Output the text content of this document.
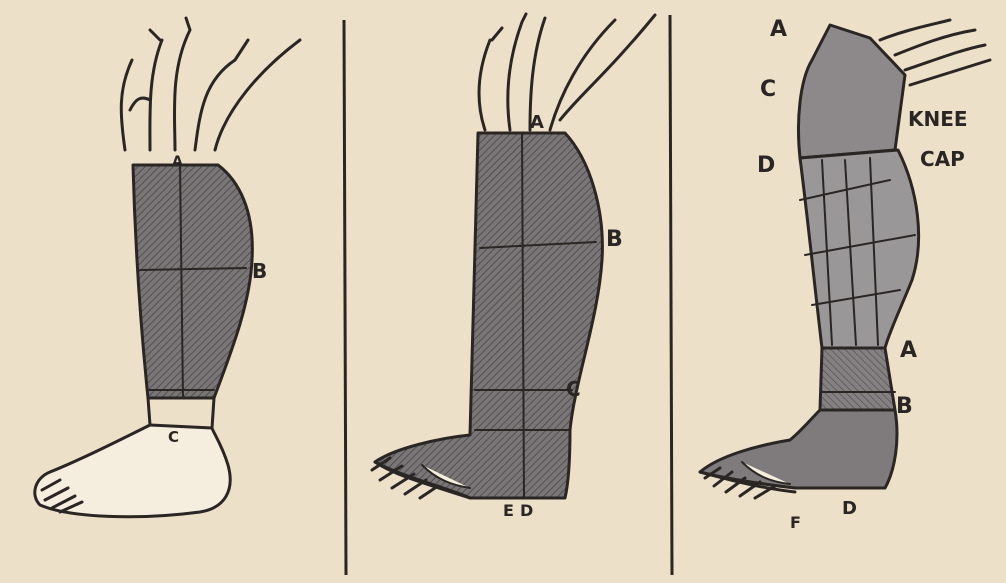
A
B
C
A
B
C
E D
A
C
D
KNEE
CAP
A
B
F
D
